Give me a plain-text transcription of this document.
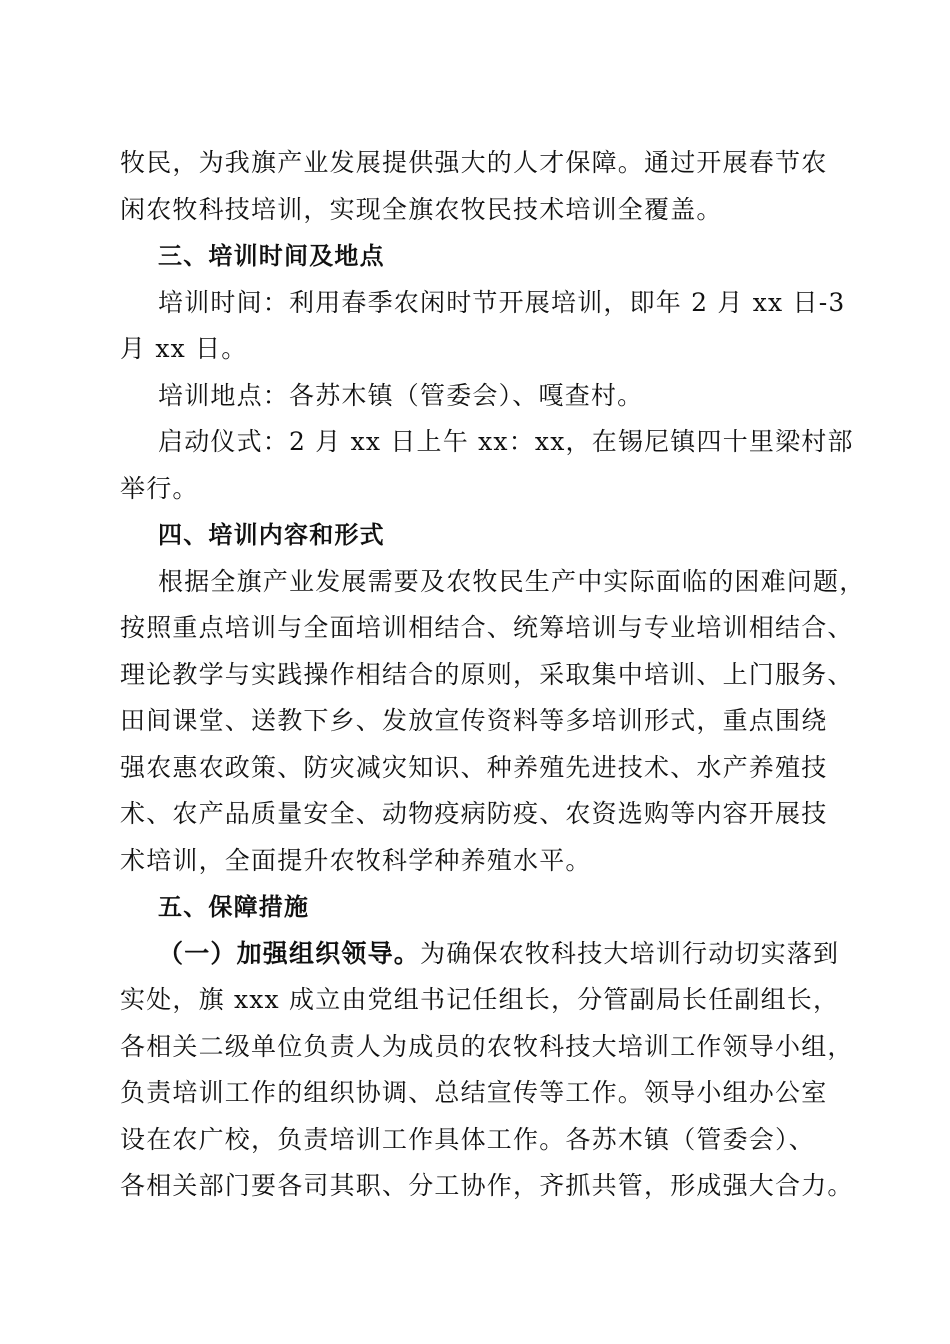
牧民，为我旗产业发展提供强大的人才保障。通过开展春节农
闲农牧科技培训，实现全旗农牧民技术培训全覆盖。
三、培训时间及地点
培训时间：利用春季农闲时节开展培训，即年 2 月 xx 日-3
月 xx 日。
培训地点：各苏木镇（管委会）、嘎查村。
启动仪式：2 月 xx 日上午 xx：xx，在锡尼镇四十里梁村部
举行。
四、培训内容和形式
根据全旗产业发展需要及农牧民生产中实际面临的困难问题，
按照重点培训与全面培训相结合、统筹培训与专业培训相结合、
理论教学与实践操作相结合的原则，采取集中培训、上门服务、
田间课堂、送教下乡、发放宣传资料等多培训形式，重点围绕
强农惠农政策、防灾减灾知识、种养殖先进技术、水产养殖技
术、农产品质量安全、动物疫病防疫、农资选购等内容开展技
术培训，全面提升农牧科学种养殖水平。
五、保障措施
（一）加强组织领导。为确保农牧科技大培训行动切实落到
实处，旗 xxx 成立由党组书记任组长，分管副局长任副组长，
各相关二级单位负责人为成员的农牧科技大培训工作领导小组，
负责培训工作的组织协调、总结宣传等工作。领导小组办公室
设在农广校，负责培训工作具体工作。各苏木镇（管委会）、
各相关部门要各司其职、分工协作，齐抓共管，形成强大合力。
